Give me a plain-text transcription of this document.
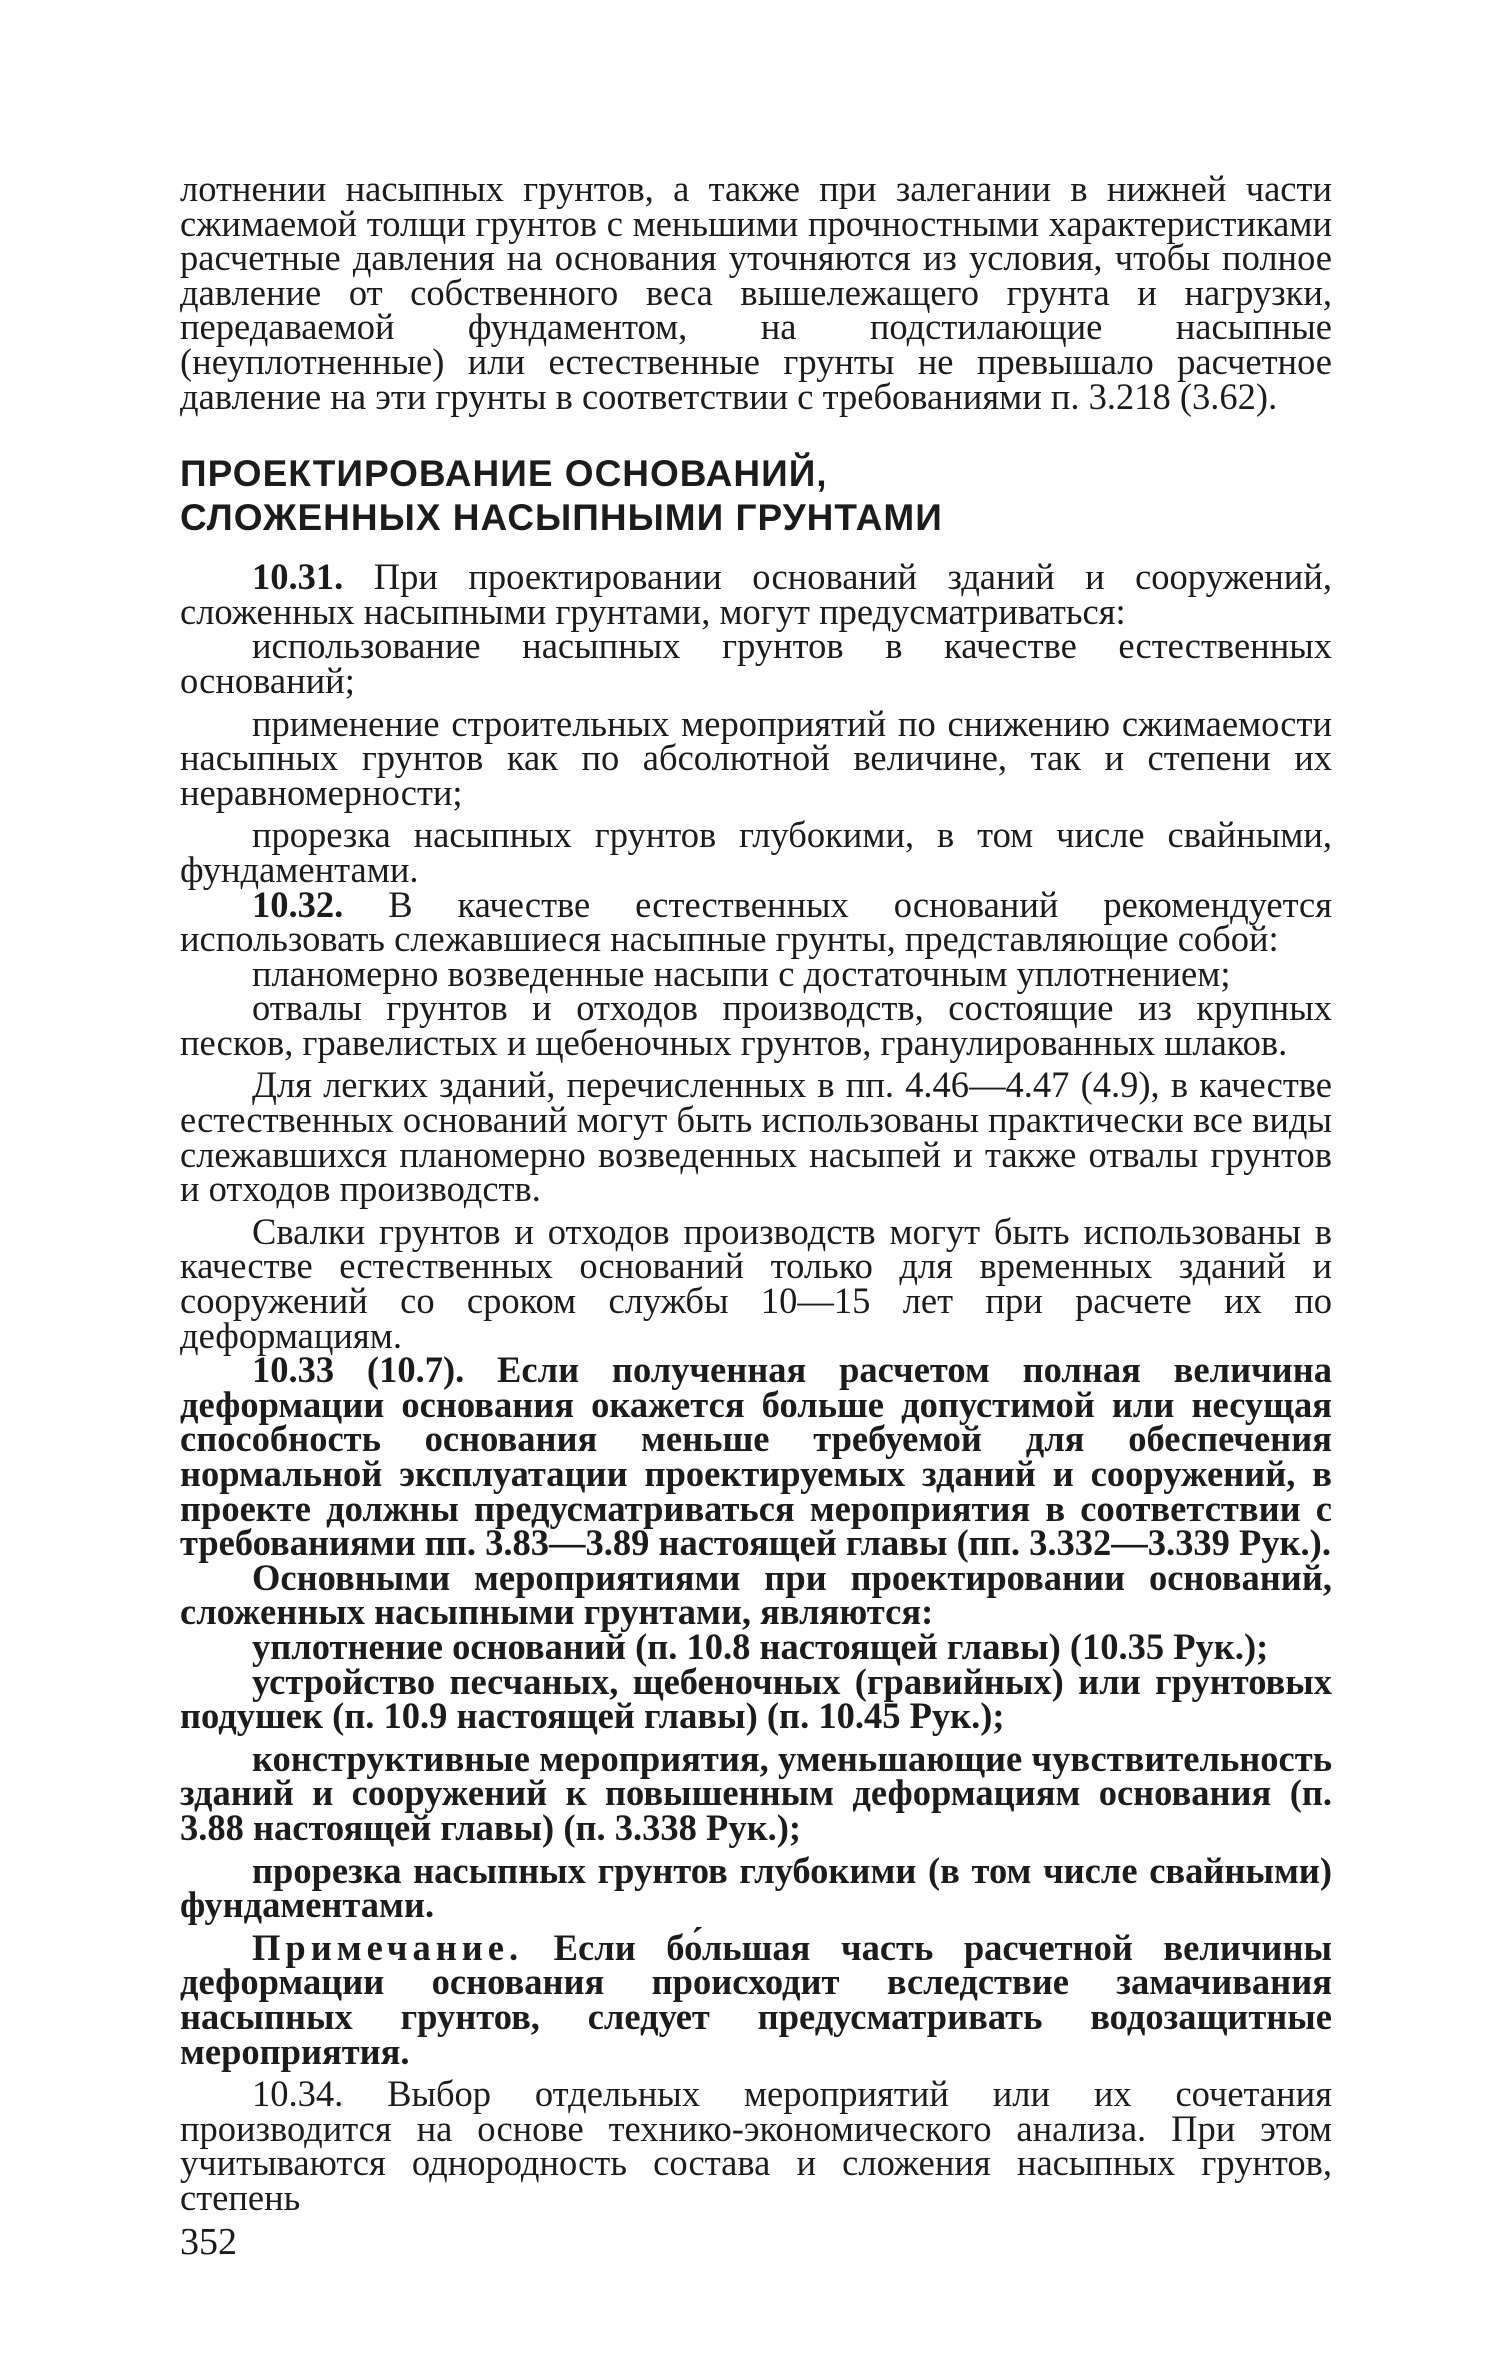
лотнении насыпных грунтов, а также при залегании в нижней части сжимаемой толщи грунтов с меньшими прочностными характеристиками расчетные давления на основания уточняются из условия, чтобы полное давление от собственного веса вышележащего грунта и нагрузки, передаваемой фундаментом, на подстилающие насыпные (неуплотненные) или естественные грунты не превышало расчетное давление на эти грунты в соответствии с требованиями п. 3.218 (3.62).

ПРОЕКТИРОВАНИЕ ОСНОВАНИЙ,
СЛОЖЕННЫХ НАСЫПНЫМИ ГРУНТАМИ

10.31. При проектировании оснований зданий и сооружений, сложенных насыпными грунтами, могут предусматриваться:

использование насыпных грунтов в качестве естественных оснований;

применение строительных мероприятий по снижению сжимаемости насыпных грунтов как по абсолютной величине, так и степени их неравномерности;

прорезка насыпных грунтов глубокими, в том числе свайными, фундаментами.

10.32. В качестве естественных оснований рекомендуется использовать слежавшиеся насыпные грунты, представляющие собой:

планомерно возведенные насыпи с достаточным уплотнением;

отвалы грунтов и отходов производств, состоящие из крупных песков, гравелистых и щебеночных грунтов, гранулированных шлаков.

Для легких зданий, перечисленных в пп. 4.46—4.47 (4.9), в качестве естественных оснований могут быть использованы практически все виды слежавшихся планомерно возведенных насыпей и также отвалы грунтов и отходов производств.

Свалки грунтов и отходов производств могут быть использованы в качестве естественных оснований только для временных зданий и сооружений со сроком службы 10—15 лет при расчете их по деформациям.

10.33 (10.7). Если полученная расчетом полная величина деформации основания окажется больше допустимой или несущая способность основания меньше требуемой для обеспечения нормальной эксплуатации проектируемых зданий и сооружений, в проекте должны предусматриваться мероприятия в соответствии с требованиями пп. 3.83—3.89 настоящей главы (пп. 3.332—3.339 Рук.).

Основными мероприятиями при проектировании оснований, сложенных насыпными грунтами, являются:

уплотнение оснований (п. 10.8 настоящей главы) (10.35 Рук.);

устройство песчаных, щебеночных (гравийных) или грунтовых подушек (п. 10.9 настоящей главы) (п. 10.45 Рук.);

конструктивные мероприятия, уменьшающие чувствительность зданий и сооружений к повышенным деформациям основания (п. 3.88 настоящей главы) (п. 3.338 Рук.);

прорезка насыпных грунтов глубокими (в том числе свайными) фундаментами.

Примечание. Если бо́льшая часть расчетной величины деформации основания происходит вследствие замачивания насыпных грунтов, следует предусматривать водозащитные мероприятия.

10.34. Выбор отдельных мероприятий или их сочетания производится на основе технико-экономического анализа. При этом учитываются однородность состава и сложения насыпных грунтов, степень

352
